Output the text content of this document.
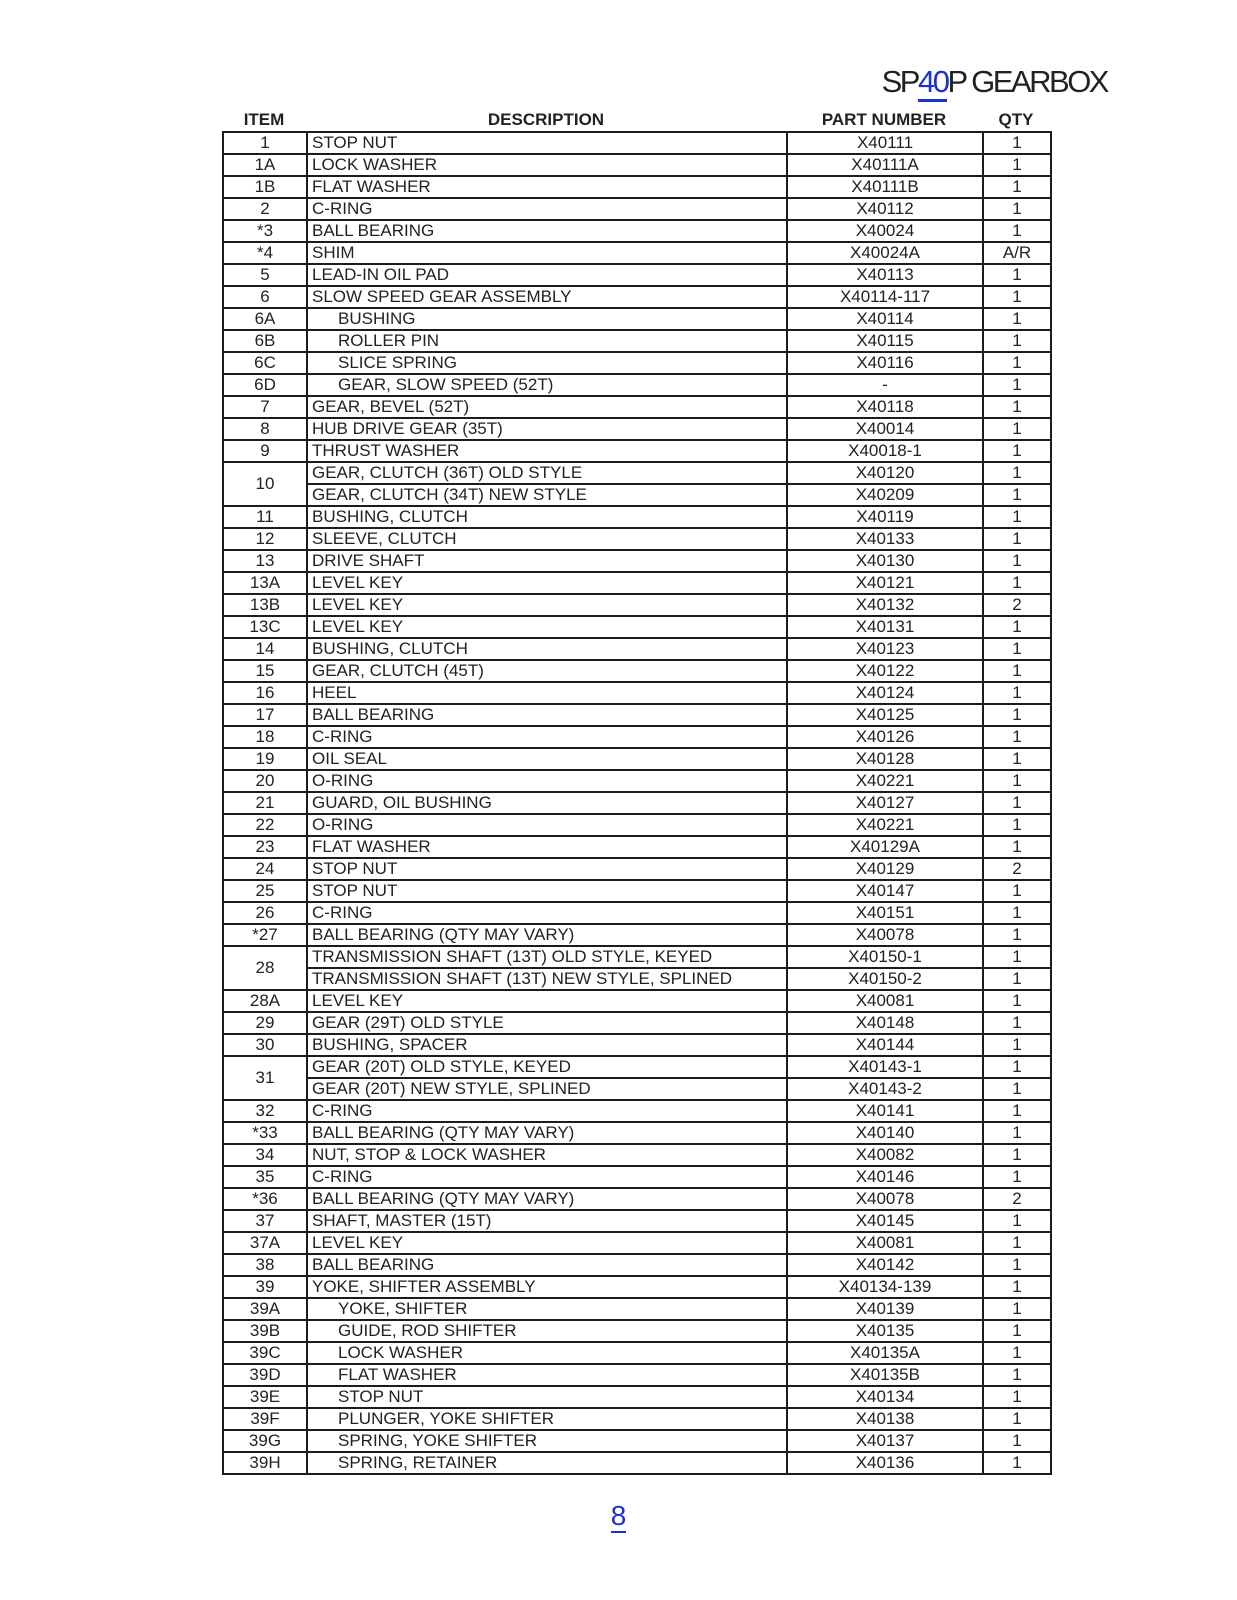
SP40P GEARBOX
ITEM	DESCRIPTION	PART NUMBER	QTY
1	STOP NUT	X40111	1
1A	LOCK WASHER	X40111A	1
1B	FLAT WASHER	X40111B	1
2	C-RING	X40112	1
*3	BALL BEARING	X40024	1
*4	SHIM	X40024A	A/R
5	LEAD-IN OIL PAD	X40113	1
6	SLOW SPEED GEAR ASSEMBLY	X40114-117	1
6A	BUSHING	X40114	1
6B	ROLLER PIN	X40115	1
6C	SLICE SPRING	X40116	1
6D	GEAR, SLOW SPEED (52T)	-	1
7	GEAR, BEVEL (52T)	X40118	1
8	HUB DRIVE GEAR (35T)	X40014	1
9	THRUST WASHER	X40018-1	1
10	GEAR, CLUTCH (36T) OLD STYLE	X40120	1
	GEAR, CLUTCH (34T) NEW STYLE	X40209	1
11	BUSHING, CLUTCH	X40119	1
12	SLEEVE, CLUTCH	X40133	1
13	DRIVE SHAFT	X40130	1
13A	LEVEL KEY	X40121	1
13B	LEVEL KEY	X40132	2
13C	LEVEL KEY	X40131	1
14	BUSHING, CLUTCH	X40123	1
15	GEAR, CLUTCH (45T)	X40122	1
16	HEEL	X40124	1
17	BALL BEARING	X40125	1
18	C-RING	X40126	1
19	OIL SEAL	X40128	1
20	O-RING	X40221	1
21	GUARD, OIL BUSHING	X40127	1
22	O-RING	X40221	1
23	FLAT WASHER	X40129A	1
24	STOP NUT	X40129	2
25	STOP NUT	X40147	1
26	C-RING	X40151	1
*27	BALL BEARING (QTY MAY VARY)	X40078	1
28	TRANSMISSION SHAFT (13T) OLD STYLE, KEYED	X40150-1	1
	TRANSMISSION SHAFT (13T) NEW STYLE, SPLINED	X40150-2	1
28A	LEVEL KEY	X40081	1
29	GEAR (29T) OLD STYLE	X40148	1
30	BUSHING, SPACER	X40144	1
31	GEAR (20T) OLD STYLE, KEYED	X40143-1	1
	GEAR (20T) NEW STYLE, SPLINED	X40143-2	1
32	C-RING	X40141	1
*33	BALL BEARING (QTY MAY VARY)	X40140	1
34	NUT, STOP & LOCK WASHER	X40082	1
35	C-RING	X40146	1
*36	BALL BEARING (QTY MAY VARY)	X40078	2
37	SHAFT, MASTER (15T)	X40145	1
37A	LEVEL KEY	X40081	1
38	BALL BEARING	X40142	1
39	YOKE, SHIFTER ASSEMBLY	X40134-139	1
39A	YOKE, SHIFTER	X40139	1
39B	GUIDE, ROD SHIFTER	X40135	1
39C	LOCK WASHER	X40135A	1
39D	FLAT WASHER	X40135B	1
39E	STOP NUT	X40134	1
39F	PLUNGER, YOKE SHIFTER	X40138	1
39G	SPRING, YOKE SHIFTER	X40137	1
39H	SPRING, RETAINER	X40136	1
8
